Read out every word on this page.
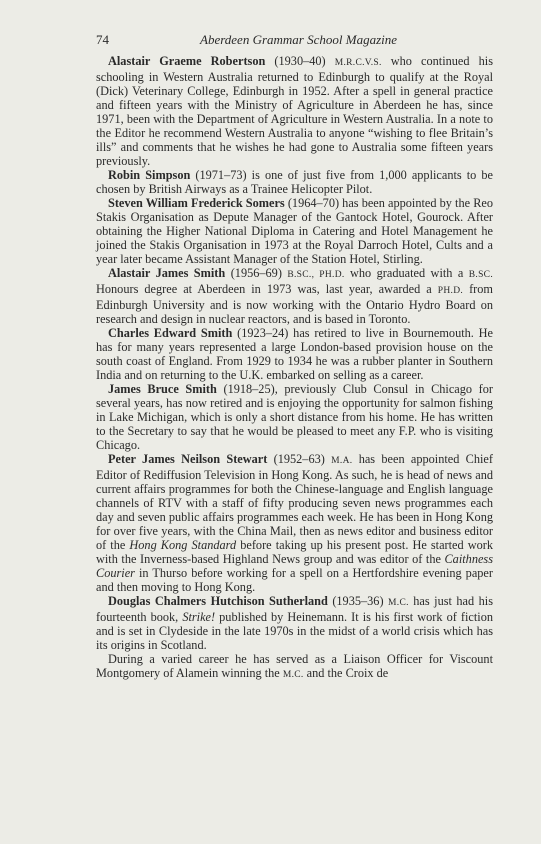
74	Aberdeen Grammar School Magazine

Alastair Graeme Robertson (1930–40) M.R.C.V.S. who continued his schooling in Western Australia returned to Edinburgh to qualify at the Royal (Dick) Veterinary College, Edinburgh in 1952. After a spell in general practice and fifteen years with the Ministry of Agriculture in Aberdeen he has, since 1971, been with the Department of Agriculture in Western Australia. In a note to the Editor he recommend Western Australia to anyone “wishing to flee Britain’s ills” and comments that he wishes he had gone to Australia some fifteen years previously.

Robin Simpson (1971–73) is one of just five from 1,000 applicants to be chosen by British Airways as a Trainee Helicopter Pilot.

Steven William Frederick Somers (1964–70) has been appointed by the Reo Stakis Organisation as Depute Manager of the Gantock Hotel, Gourock. After obtaining the Higher National Diploma in Catering and Hotel Management he joined the Stakis Organisation in 1973 at the Royal Darroch Hotel, Cults and a year later became Assistant Manager of the Station Hotel, Stirling.

Alastair James Smith (1956–69) B.SC., PH.D. who graduated with a B.SC. Honours degree at Aberdeen in 1973 was, last year, awarded a PH.D. from Edinburgh University and is now working with the Ontario Hydro Board on research and design in nuclear reactors, and is based in Toronto.

Charles Edward Smith (1923–24) has retired to live in Bournemouth. He has for many years represented a large London-based provision house on the south coast of England. From 1929 to 1934 he was a rubber planter in Southern India and on returning to the U.K. embarked on selling as a career.

James Bruce Smith (1918–25), previously Club Consul in Chicago for several years, has now retired and is enjoying the opportunity for salmon fishing in Lake Michigan, which is only a short distance from his home. He has written to the Secretary to say that he would be pleased to meet any F.P. who is visiting Chicago.

Peter James Neilson Stewart (1952–63) M.A. has been appointed Chief Editor of Rediffusion Television in Hong Kong. As such, he is head of news and current affairs programmes for both the Chinese-language and English language channels of RTV with a staff of fifty producing seven news programmes each day and seven public affairs programmes each week. He has been in Hong Kong for over five years, with the China Mail, then as news editor and business editor of the Hong Kong Standard before taking up his present post. He started work with the Inverness-based Highland News group and was editor of the Caithness Courier in Thurso before working for a spell on a Hertfordshire evening paper and then moving to Hong Kong.

Douglas Chalmers Hutchison Sutherland (1935–36) M.C. has just had his fourteenth book, Strike! published by Heinemann. It is his first work of fiction and is set in Clydeside in the late 1970s in the midst of a world crisis which has its origins in Scotland.

During a varied career he has served as a Liaison Officer for Viscount Montgomery of Alamein winning the M.C. and the Croix de
